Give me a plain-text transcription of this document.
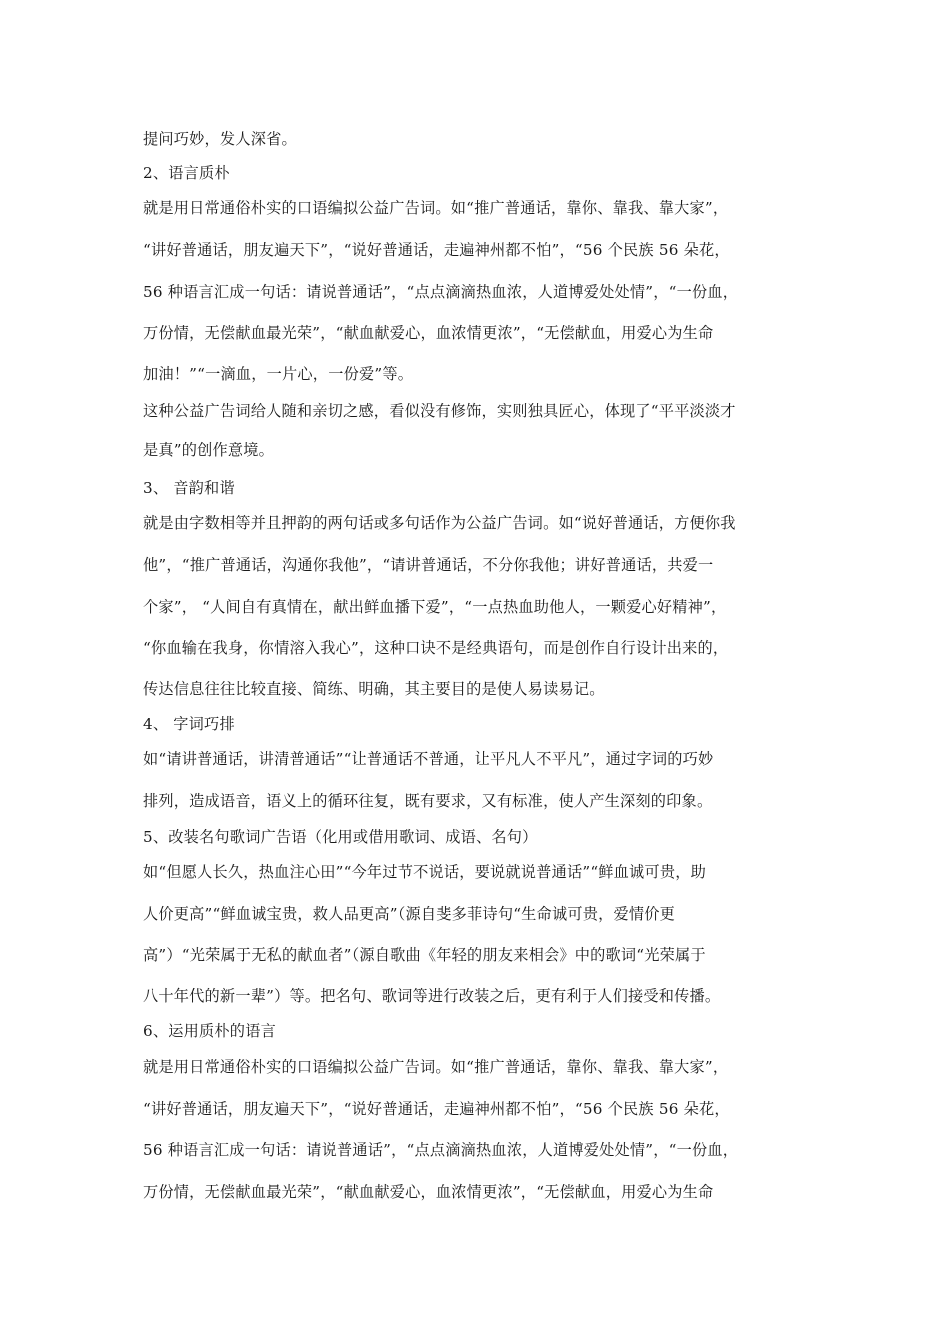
提问巧妙，发人深省。
2、语言质朴
就是用日常通俗朴实的口语编拟公益广告词。如“推广普通话，靠你、靠我、靠大家”，
“讲好普通话，朋友遍天下”，“说好普通话，走遍神州都不怕”，“56 个民族 56 朵花，
56 种语言汇成一句话：请说普通话”，“点点滴滴热血浓，人道博爱处处情”，“一份血，
万份情，无偿献血最光荣”，“献血献爱心，血浓情更浓”，“无偿献血，用爱心为生命
加油！”“一滴血，一片心，一份爱”等。
这种公益广告词给人随和亲切之感，看似没有修饰，实则独具匠心，体现了“平平淡淡才
是真”的创作意境。
3、 音韵和谐
就是由字数相等并且押韵的两句话或多句话作为公益广告词。如“说好普通话，方便你我
他”，“推广普通话，沟通你我他”，“请讲普通话，不分你我他；讲好普通话，共爱一
个家”， “人间自有真情在，献出鲜血播下爱”，“一点热血助他人，一颗爱心好精神”，
“你血输在我身，你情溶入我心”，这种口诀不是经典语句，而是创作自行设计出来的，
传达信息往往比较直接、简练、明确，其主要目的是使人易读易记。
4、 字词巧排
如“请讲普通话，讲清普通话”“让普通话不普通，让平凡人不平凡”，通过字词的巧妙
排列，造成语音，语义上的循环往复，既有要求，又有标准，使人产生深刻的印象。
5、改装名句歌词广告语（化用或借用歌词、成语、名句）
如“但愿人长久，热血注心田”“今年过节不说话，要说就说普通话”“鲜血诚可贵，助
人价更高”“鲜血诚宝贵，救人品更高”（源自斐多菲诗句“生命诚可贵，爱情价更
高”）“光荣属于无私的献血者”（源自歌曲《年轻的朋友来相会》中的歌词“光荣属于
八十年代的新一辈”）等。把名句、歌词等进行改装之后，更有利于人们接受和传播。
6、运用质朴的语言
就是用日常通俗朴实的口语编拟公益广告词。如“推广普通话，靠你、靠我、靠大家”，
“讲好普通话，朋友遍天下”，“说好普通话，走遍神州都不怕”，“56 个民族 56 朵花，
56 种语言汇成一句话：请说普通话”，“点点滴滴热血浓，人道博爱处处情”，“一份血，
万份情，无偿献血最光荣”，“献血献爱心，血浓情更浓”，“无偿献血，用爱心为生命
